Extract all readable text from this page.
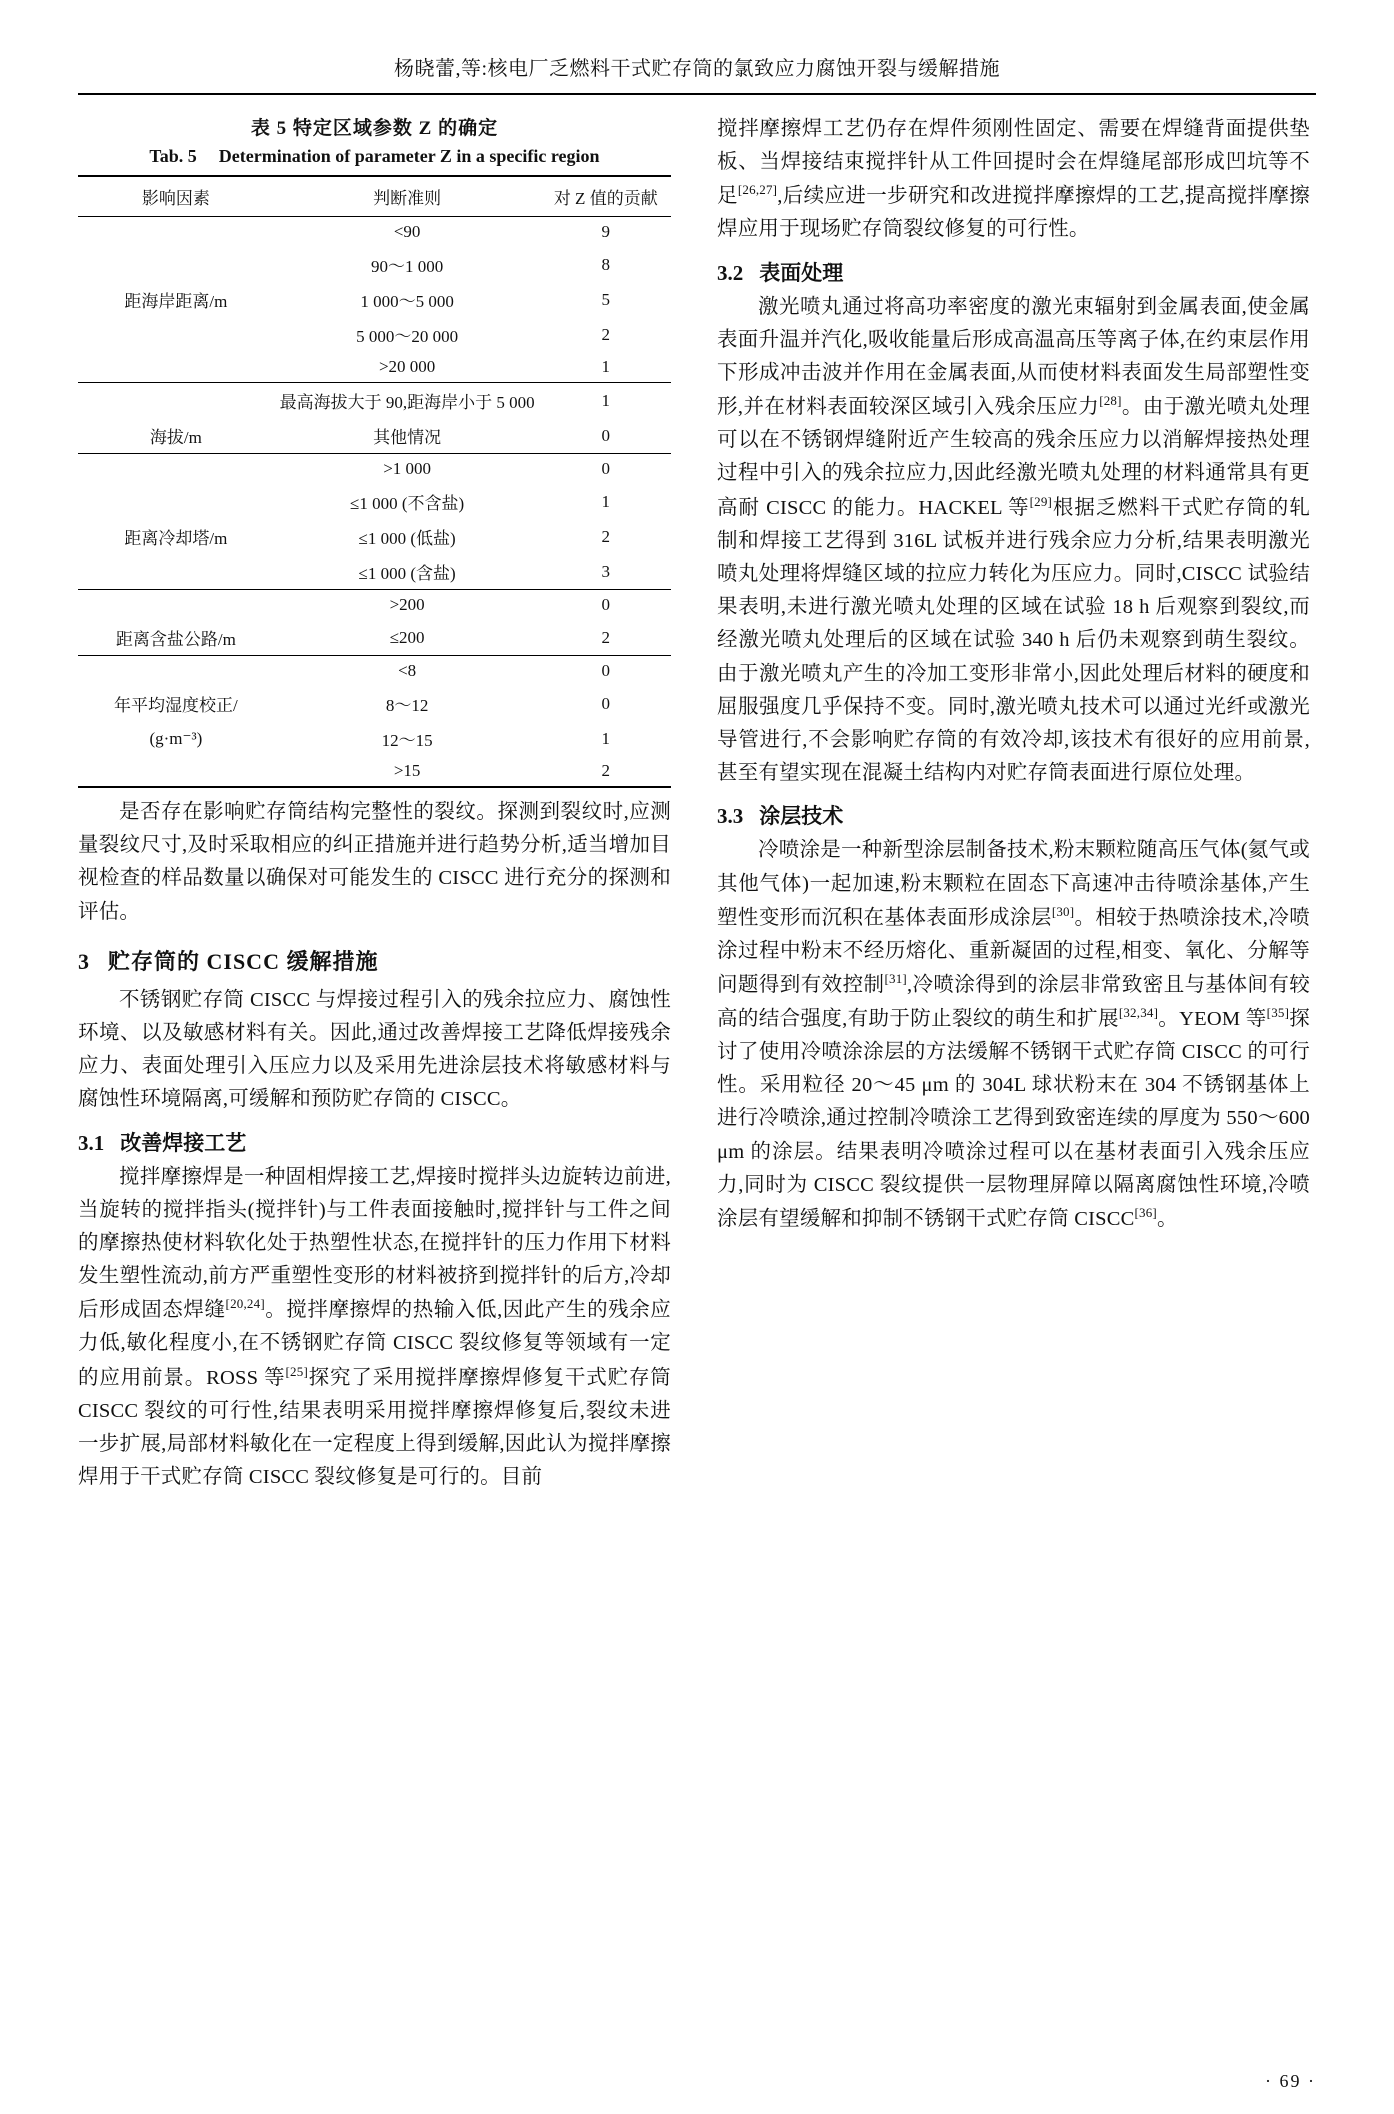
杨晓蕾,等:核电厂乏燃料干式贮存筒的氯致应力腐蚀开裂与缓解措施
表 5 特定区域参数 Z 的确定
Tab. 5 Determination of parameter Z in a specific region
影响因素	判断准则	对 Z 值的贡献
	<90	9
	90～1 000	8
距海岸距离/m	1 000～5 000	5
	5 000～20 000	2
	>20 000	1
	最高海拔大于 90,距海岸小于 5 000	1
海拔/m	其他情况	0
	>1 000	0
	≤1 000 (不含盐)	1
距离冷却塔/m	≤1 000 (低盐)	2
	≤1 000 (含盐)	3
	>200	0
距离含盐公路/m	≤200	2
	<8	0
年平均湿度校正/	8～12	0
(g·m⁻³)	12～15	1
	>15	2

是否存在影响贮存筒结构完整性的裂纹。探测到裂纹时,应测量裂纹尺寸,及时采取相应的纠正措施并进行趋势分析,适当增加目视检查的样品数量以确保对可能发生的 CISCC 进行充分的探测和评估。

3 贮存筒的 CISCC 缓解措施

不锈钢贮存筒 CISCC 与焊接过程引入的残余拉应力、腐蚀性环境、以及敏感材料有关。因此,通过改善焊接工艺降低焊接残余应力、表面处理引入压应力以及采用先进涂层技术将敏感材料与腐蚀性环境隔离,可缓解和预防贮存筒的 CISCC。

3.1 改善焊接工艺

搅拌摩擦焊是一种固相焊接工艺,焊接时搅拌头边旋转边前进,当旋转的搅拌指头(搅拌针)与工件表面接触时,搅拌针与工件之间的摩擦热使材料软化处于热塑性状态,在搅拌针的压力作用下材料发生塑性流动,前方严重塑性变形的材料被挤到搅拌针的后方,冷却后形成固态焊缝[20,24]。搅拌摩擦焊的热输入低,因此产生的残余应力低,敏化程度小,在不锈钢贮存筒 CISCC 裂纹修复等领域有一定的应用前景。ROSS 等[25]探究了采用搅拌摩擦焊修复干式贮存筒 CISCC 裂纹的可行性,结果表明采用搅拌摩擦焊修复后,裂纹未进一步扩展,局部材料敏化在一定程度上得到缓解,因此认为搅拌摩擦焊用于干式贮存筒 CISCC 裂纹修复是可行的。目前

搅拌摩擦焊工艺仍存在焊件须刚性固定、需要在焊缝背面提供垫板、当焊接结束搅拌针从工件回提时会在焊缝尾部形成凹坑等不足[26,27],后续应进一步研究和改进搅拌摩擦焊的工艺,提高搅拌摩擦焊应用于现场贮存筒裂纹修复的可行性。

3.2 表面处理

激光喷丸通过将高功率密度的激光束辐射到金属表面,使金属表面升温并汽化,吸收能量后形成高温高压等离子体,在约束层作用下形成冲击波并作用在金属表面,从而使材料表面发生局部塑性变形,并在材料表面较深区域引入残余压应力[28]。由于激光喷丸处理可以在不锈钢焊缝附近产生较高的残余压应力以消解焊接热处理过程中引入的残余拉应力,因此经激光喷丸处理的材料通常具有更高耐 CISCC 的能力。HACKEL 等[29]根据乏燃料干式贮存筒的轧制和焊接工艺得到 316L 试板并进行残余应力分析,结果表明激光喷丸处理将焊缝区域的拉应力转化为压应力。同时,CISCC 试验结果表明,未进行激光喷丸处理的区域在试验 18 h 后观察到裂纹,而经激光喷丸处理后的区域在试验 340 h 后仍未观察到萌生裂纹。由于激光喷丸产生的冷加工变形非常小,因此处理后材料的硬度和屈服强度几乎保持不变。同时,激光喷丸技术可以通过光纤或激光导管进行,不会影响贮存筒的有效冷却,该技术有很好的应用前景,甚至有望实现在混凝土结构内对贮存筒表面进行原位处理。

3.3 涂层技术

冷喷涂是一种新型涂层制备技术,粉末颗粒随高压气体(氦气或其他气体)一起加速,粉末颗粒在固态下高速冲击待喷涂基体,产生塑性变形而沉积在基体表面形成涂层[30]。相较于热喷涂技术,冷喷涂过程中粉末不经历熔化、重新凝固的过程,相变、氧化、分解等问题得到有效控制[31],冷喷涂得到的涂层非常致密且与基体间有较高的结合强度,有助于防止裂纹的萌生和扩展[32,34]。YEOM 等[35]探讨了使用冷喷涂涂层的方法缓解不锈钢干式贮存筒 CISCC 的可行性。采用粒径 20～45 μm 的 304L 球状粉末在 304 不锈钢基体上进行冷喷涂,通过控制冷喷涂工艺得到致密连续的厚度为 550～600 μm 的涂层。结果表明冷喷涂过程可以在基材表面引入残余压应力,同时为 CISCC 裂纹提供一层物理屏障以隔离腐蚀性环境,冷喷涂层有望缓解和抑制不锈钢干式贮存筒 CISCC[36]。

· 69 ·
